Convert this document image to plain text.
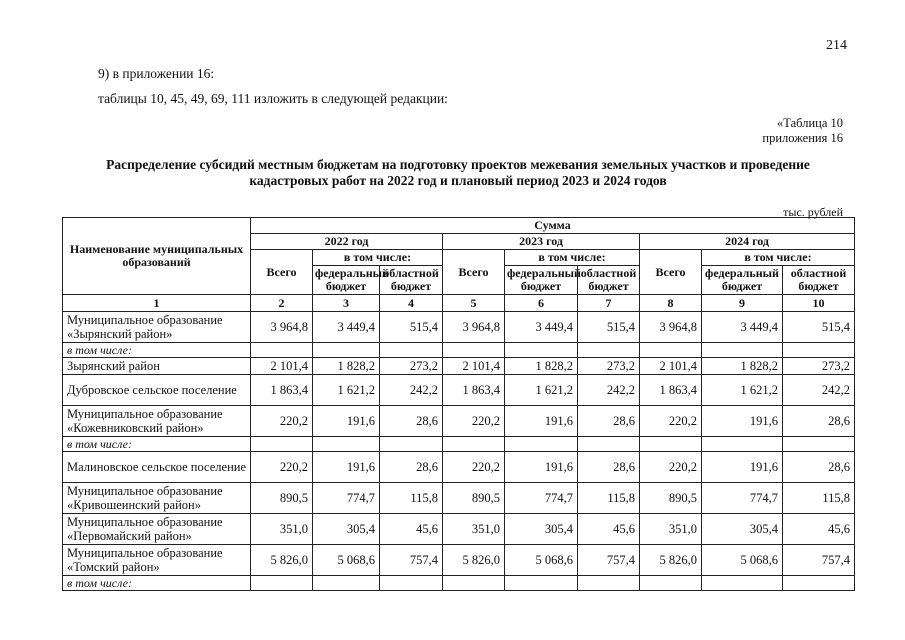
214
9) в приложении 16:
таблицы 10, 45, 49, 69, 111 изложить в следующей редакции:
«Таблица 10
приложения 16
Распределение субсидий местным бюджетам на подготовку проектов межевания земельных участков и проведение
кадастровых работ на 2022 год и плановый период 2023 и 2024 годов
тыс. рублей
Наименование муниципальных образований	Сумма								
	2022 год			2023 год			2024 год		
	Всего	в том числе:		Всего	в том числе:		Всего	в том числе:	
		федеральный бюджет	областной бюджет		федеральный бюджет	областной бюджет		федеральный бюджет	областной бюджет
1	2	3	4	5	6	7	8	9	10
Муниципальное образование «Зырянский район»	3 964,8	3 449,4	515,4	3 964,8	3 449,4	515,4	3 964,8	3 449,4	515,4
в том числе:									
Зырянский район	2 101,4	1 828,2	273,2	2 101,4	1 828,2	273,2	2 101,4	1 828,2	273,2
Дубровское сельское поселение	1 863,4	1 621,2	242,2	1 863,4	1 621,2	242,2	1 863,4	1 621,2	242,2
Муниципальное образование «Кожевниковский район»	220,2	191,6	28,6	220,2	191,6	28,6	220,2	191,6	28,6
в том числе:									
Малиновское сельское поселение	220,2	191,6	28,6	220,2	191,6	28,6	220,2	191,6	28,6
Муниципальное образование «Кривошеинский район»	890,5	774,7	115,8	890,5	774,7	115,8	890,5	774,7	115,8
Муниципальное образование «Первомайский район»	351,0	305,4	45,6	351,0	305,4	45,6	351,0	305,4	45,6
Муниципальное образование «Томский район»	5 826,0	5 068,6	757,4	5 826,0	5 068,6	757,4	5 826,0	5 068,6	757,4
в том числе:									
